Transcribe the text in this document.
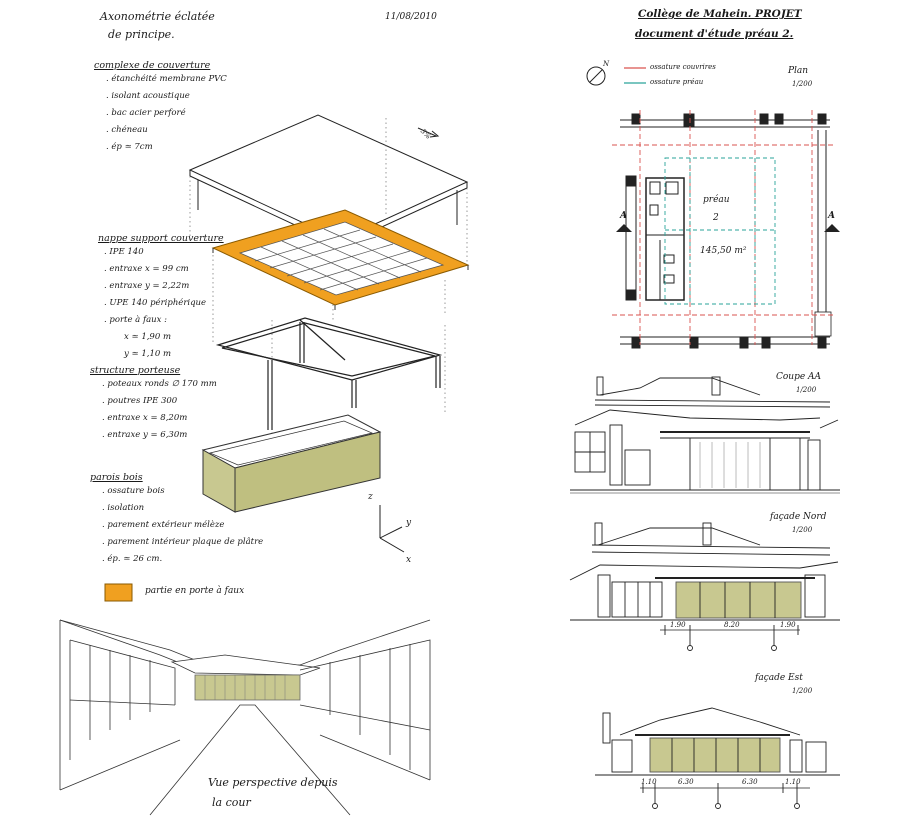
Axonométrie éclatée
de principe.
11/08/2010
3%
complexe de couverture
. étanchéité membrane PVC
. isolant acoustique
. bac acier perforé
. chéneau
. ép ≃ 7cm
nappe support couverture
. IPE 140
. entraxe x = 99 cm
. entraxe y = 2,22m
. UPE 140 périphérique
. porte à faux :
x ≃ 1,90 m
y ≃ 1,10 m
structure porteuse
. poteaux ronds ∅ 170 mm
. poutres IPE 300
. entraxe x = 8,20m
. entraxe y = 6,30m
parois bois
. ossature bois
. isolation
. parement extérieur mélèze
. parement intérieur plaque de plâtre
. ép. ≃ 26 cm.
partie en porte à faux
z
y
x
Vue perspective depuis
la cour
Collège de Mahein. PROJET
document d'étude préau 2.
N	ossature couvrires
ossature préau
Plan
1/200
préau
2
145,50 m²
A	A
Coupe AA
1/200
façade Nord
1/200
1.90	8.20	1.90
façade Est
1/200
1.10	6.30	6.30	1.10
